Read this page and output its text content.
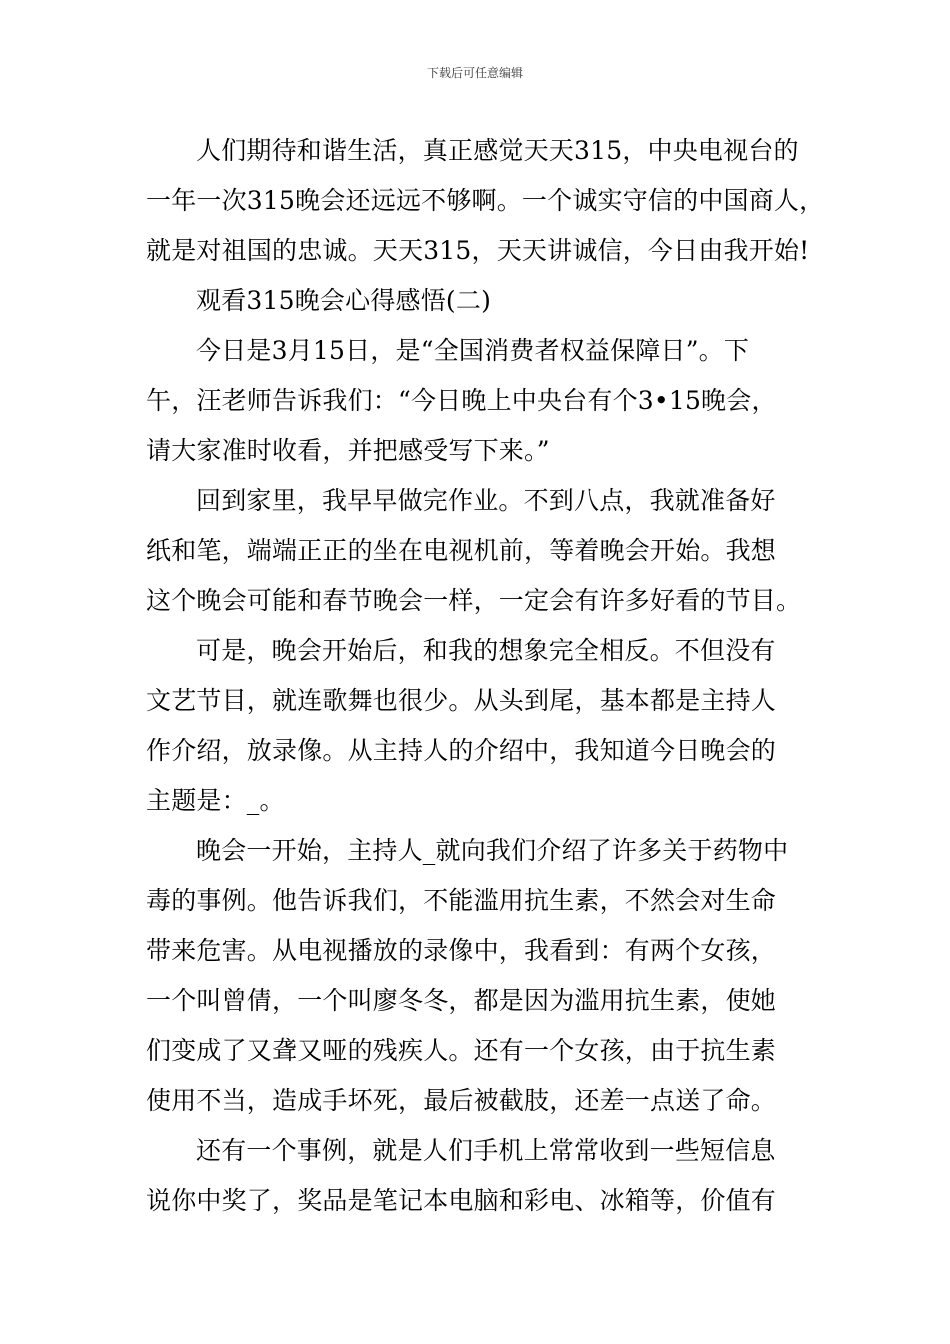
下载后可任意编辑
人们期待和谐生活，真正感觉天天315，中央电视台的
一年一次315晚会还远远不够啊。一个诚实守信的中国商人，
就是对祖国的忠诚。天天315，天天讲诚信，今日由我开始!
观看315晚会心得感悟(二)
今日是3月15日，是“全国消费者权益保障日”。下
午，汪老师告诉我们：“今日晚上中央台有个3•15晚会，
请大家准时收看，并把感受写下来。”
回到家里，我早早做完作业。不到八点，我就准备好
纸和笔，端端正正的坐在电视机前，等着晚会开始。我想
这个晚会可能和春节晚会一样，一定会有许多好看的节目。
可是，晚会开始后，和我的想象完全相反。不但没有
文艺节目，就连歌舞也很少。从头到尾，基本都是主持人
作介绍，放录像。从主持人的介绍中，我知道今日晚会的
主题是：_。
晚会一开始，主持人_就向我们介绍了许多关于药物中
毒的事例。他告诉我们，不能滥用抗生素，不然会对生命
带来危害。从电视播放的录像中，我看到：有两个女孩，
一个叫曾倩，一个叫廖冬冬，都是因为滥用抗生素，使她
们变成了又聋又哑的残疾人。还有一个女孩，由于抗生素
使用不当，造成手坏死，最后被截肢，还差一点送了命。
还有一个事例，就是人们手机上常常收到一些短信息
说你中奖了，奖品是笔记本电脑和彩电、冰箱等，价值有
